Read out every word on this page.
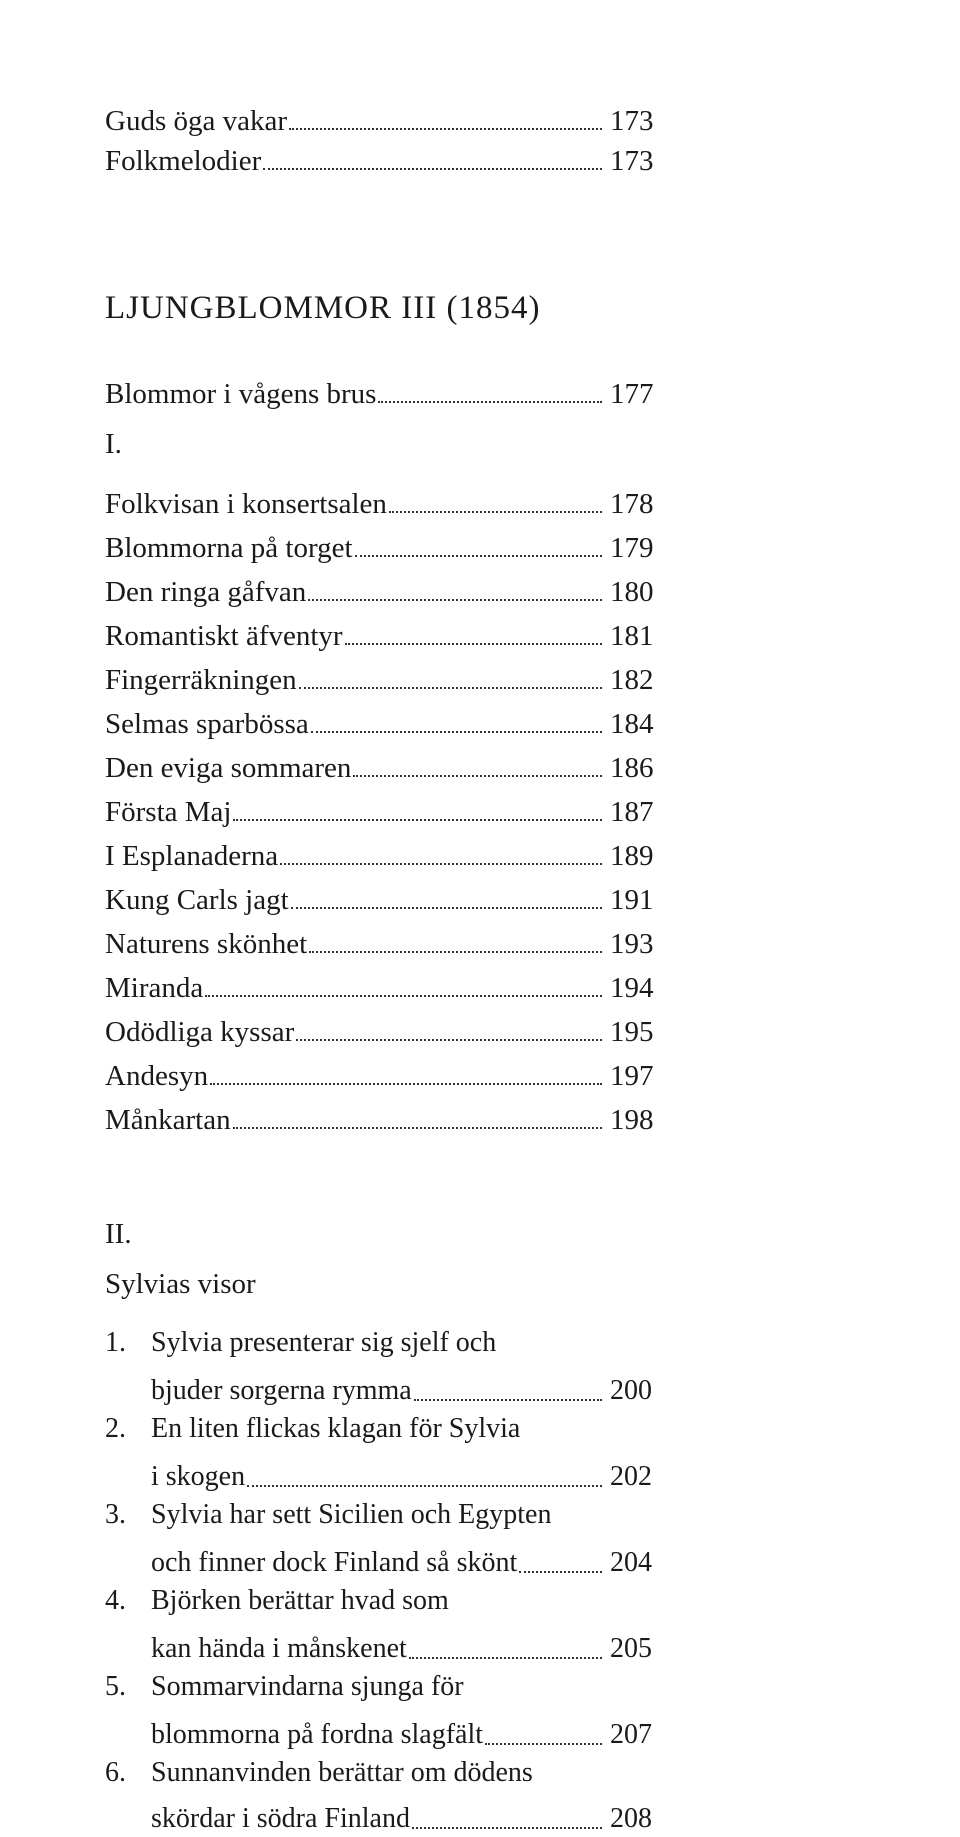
Guds öga vakar	173
Folkmelodier	173
LJUNGBLOMMOR III (1854)
Blommor i vågens brus	177
I.
Folkvisan i konsertsalen	178
Blommorna på torget	179
Den ringa gåfvan	180
Romantiskt äfventyr	181
Fingerräkningen	182
Selmas sparbössa	184
Den eviga sommaren	186
Första Maj	187
I Esplanaderna	189
Kung Carls jagt	191
Naturens skönhet	193
Miranda	194
Odödliga kyssar	195
Andesyn	197
Månkartan	198
II.
Sylvias visor
1. Sylvia presenterar sig sjelf och
bjuder sorgerna rymma	200
2. En liten flickas klagan för Sylvia
i skogen	202
3. Sylvia har sett Sicilien och Egypten
och finner dock Finland så skönt	204
4. Björken berättar hvad som
kan hända i månskenet	205
5. Sommarvindarna sjunga för
blommorna på fordna slagfält	207
6. Sunnanvinden berättar om dödens
skördar i södra Finland	208
